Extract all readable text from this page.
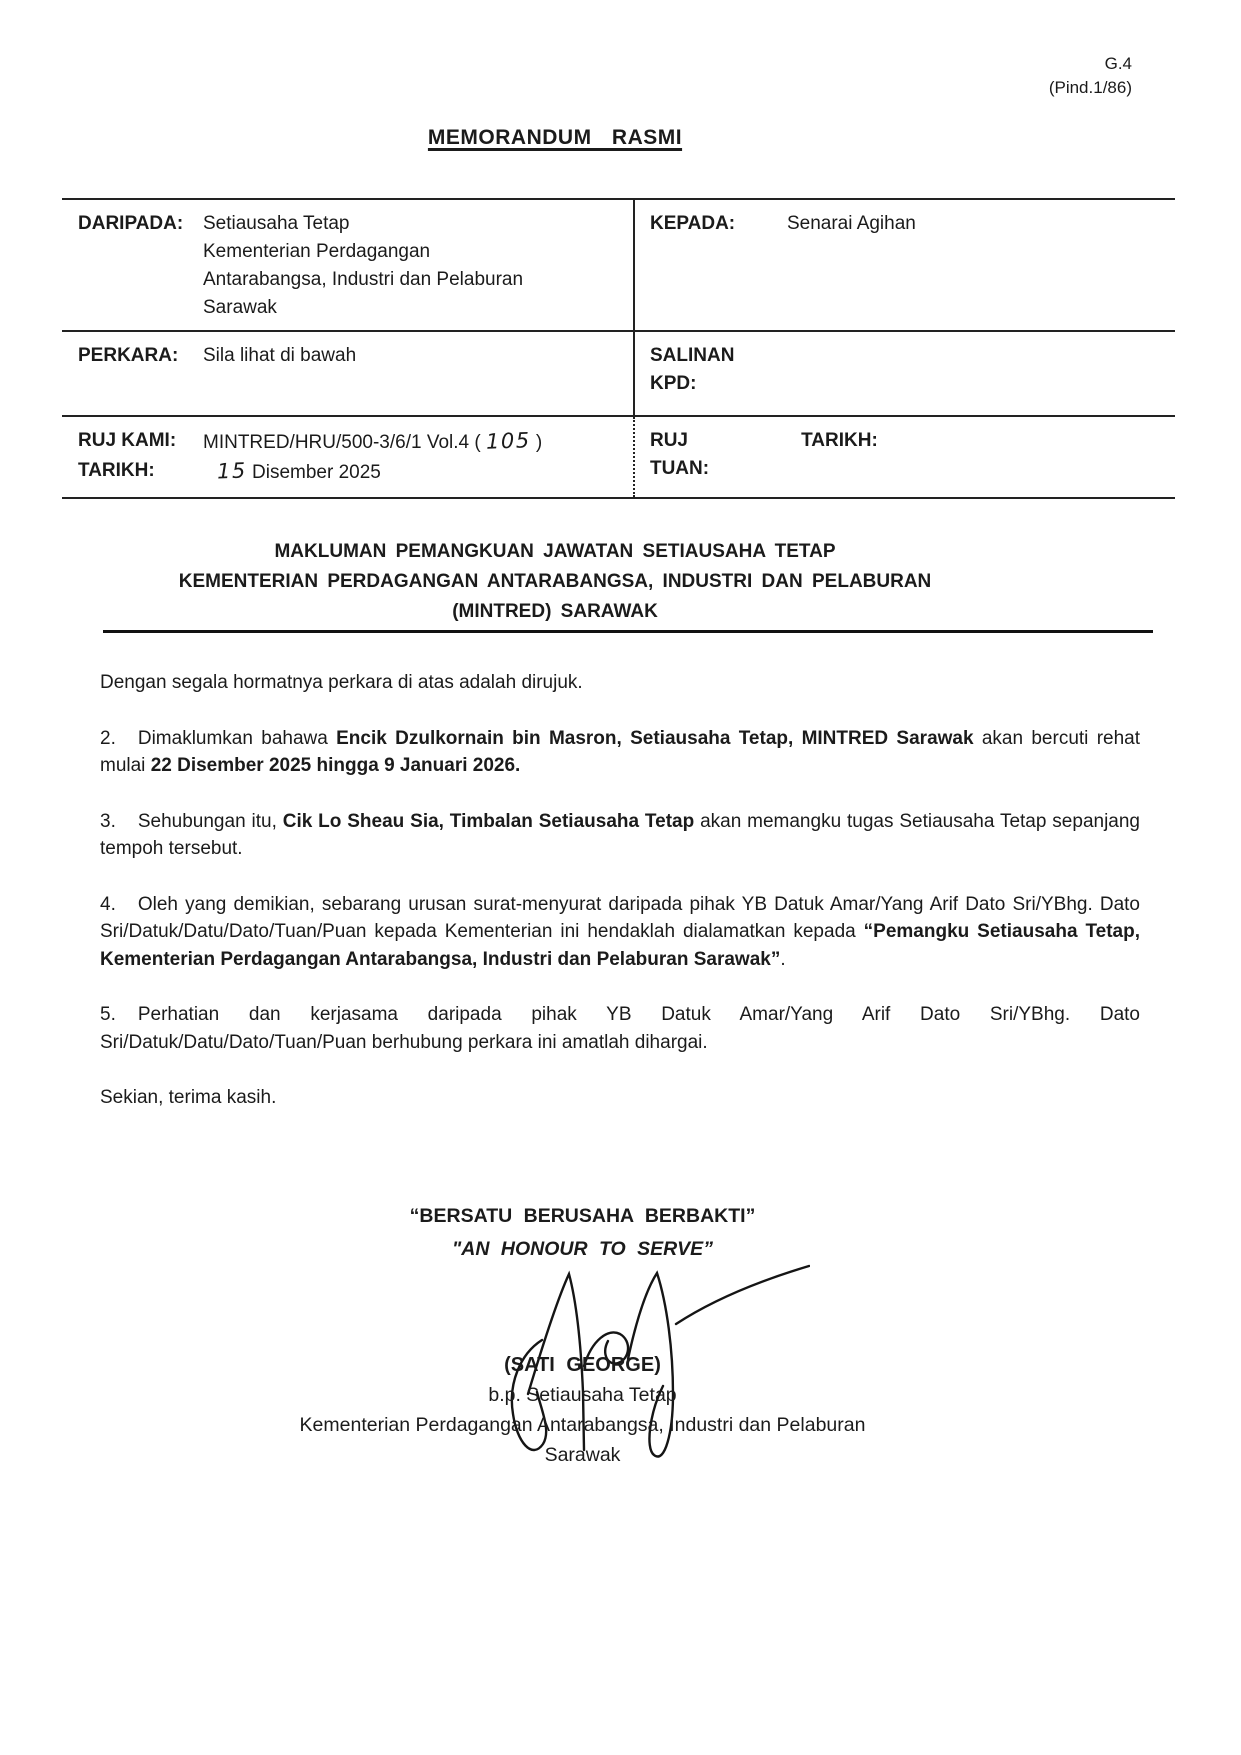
G.4
(Pind.1/86)
MEMORANDUM RASMI
DARIPADA:	Setiausaha Tetap
Kementerian Perdagangan
Antarabangsa, Industri dan Pelaburan
Sarawak
KEPADA:	Senarai Agihan
PERKARA:	Sila lihat di bawah	SALINAN
KPD:
RUJ KAMI:	MINTRED/HRU/500-3/6/1 Vol.4 ( 105 )
TARIKH:	15 Disember 2025
RUJ
TUAN:
TARIKH:
MAKLUMAN PEMANGKUAN JAWATAN SETIAUSAHA TETAP
KEMENTERIAN PERDAGANGAN ANTARABANGSA, INDUSTRI DAN PELABURAN
(MINTRED) SARAWAK
Dengan segala hormatnya perkara di atas adalah dirujuk.
2. Dimaklumkan bahawa Encik Dzulkornain bin Masron, Setiausaha Tetap, MINTRED Sarawak akan bercuti rehat mulai 22 Disember 2025 hingga 9 Januari 2026.
3. Sehubungan itu, Cik Lo Sheau Sia, Timbalan Setiausaha Tetap akan memangku tugas Setiausaha Tetap sepanjang tempoh tersebut.
4. Oleh yang demikian, sebarang urusan surat-menyurat daripada pihak YB Datuk Amar/Yang Arif Dato Sri/YBhg. Dato Sri/Datuk/Datu/Dato/Tuan/Puan kepada Kementerian ini hendaklah dialamatkan kepada “Pemangku Setiausaha Tetap, Kementerian Perdagangan Antarabangsa, Industri dan Pelaburan Sarawak”.
5. Perhatian dan kerjasama daripada pihak YB Datuk Amar/Yang Arif Dato Sri/YBhg. Dato Sri/Datuk/Datu/Dato/Tuan/Puan berhubung perkara ini amatlah dihargai.
Sekian, terima kasih.
“BERSATU BERUSAHA BERBAKTI”
"AN HONOUR TO SERVE”
(SATI GEORGE)
b.p. Setiausaha Tetap
Kementerian Perdagangan Antarabangsa, Industri dan Pelaburan
Sarawak
